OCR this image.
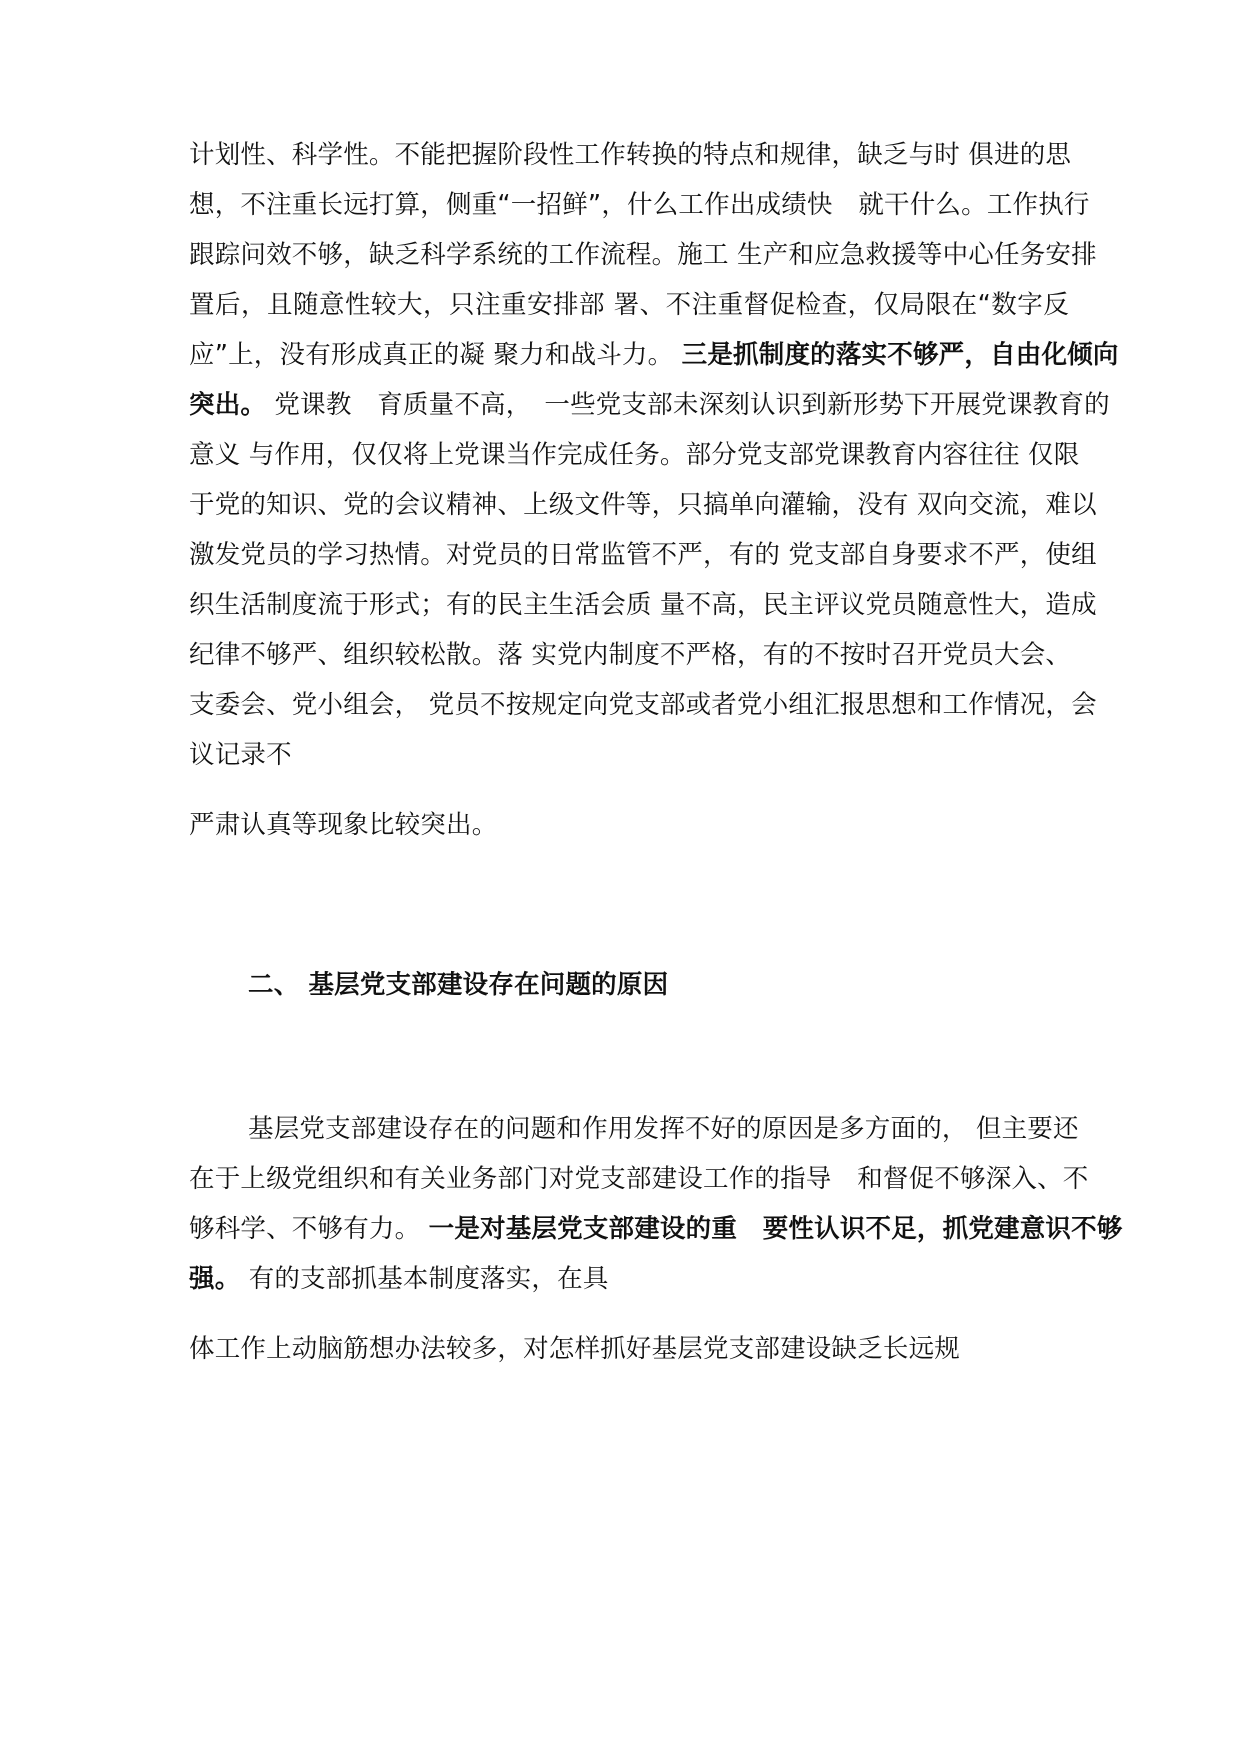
计划性、科学性。不能把握阶段性工作转换的特点和规律，缺乏与时 俱进的思
想，不注重长远打算，侧重“一招鲜”，什么工作出成绩快　就干什么。工作执行
跟踪问效不够，缺乏科学系统的工作流程。施工 生产和应急救援等中心任务安排
置后，且随意性较大，只注重安排部 署、不注重督促检查，仅局限在“数字反
应”上，没有形成真正的凝 聚力和战斗力。 三是抓制度的落实不够严，自由化倾向
突出。 党课教　育质量不高，　一些党支部未深刻认识到新形势下开展党课教育的
意义 与作用，仅仅将上党课当作完成任务。部分党支部党课教育内容往往 仅限
于党的知识、党的会议精神、上级文件等，只搞单向灌输，没有 双向交流，难以
激发党员的学习热情。对党员的日常监管不严，有的 党支部自身要求不严，使组
织生活制度流于形式；有的民主生活会质 量不高，民主评议党员随意性大，造成
纪律不够严、组织较松散。落 实党内制度不严格，有的不按时召开党员大会、
支委会、党小组会， 党员不按规定向党支部或者党小组汇报思想和工作情况，会
议记录不
严肃认真等现象比较突出。
二、 基层党支部建设存在问题的原因
基层党支部建设存在的问题和作用发挥不好的原因是多方面的， 但主要还
在于上级党组织和有关业务部门对党支部建设工作的指导　和督促不够深入、不
够科学、不够有力。 一是对基层党支部建设的重　要性认识不足，抓党建意识不够
强。 有的支部抓基本制度落实，在具
体工作上动脑筋想办法较多，对怎样抓好基层党支部建设缺乏长远规
